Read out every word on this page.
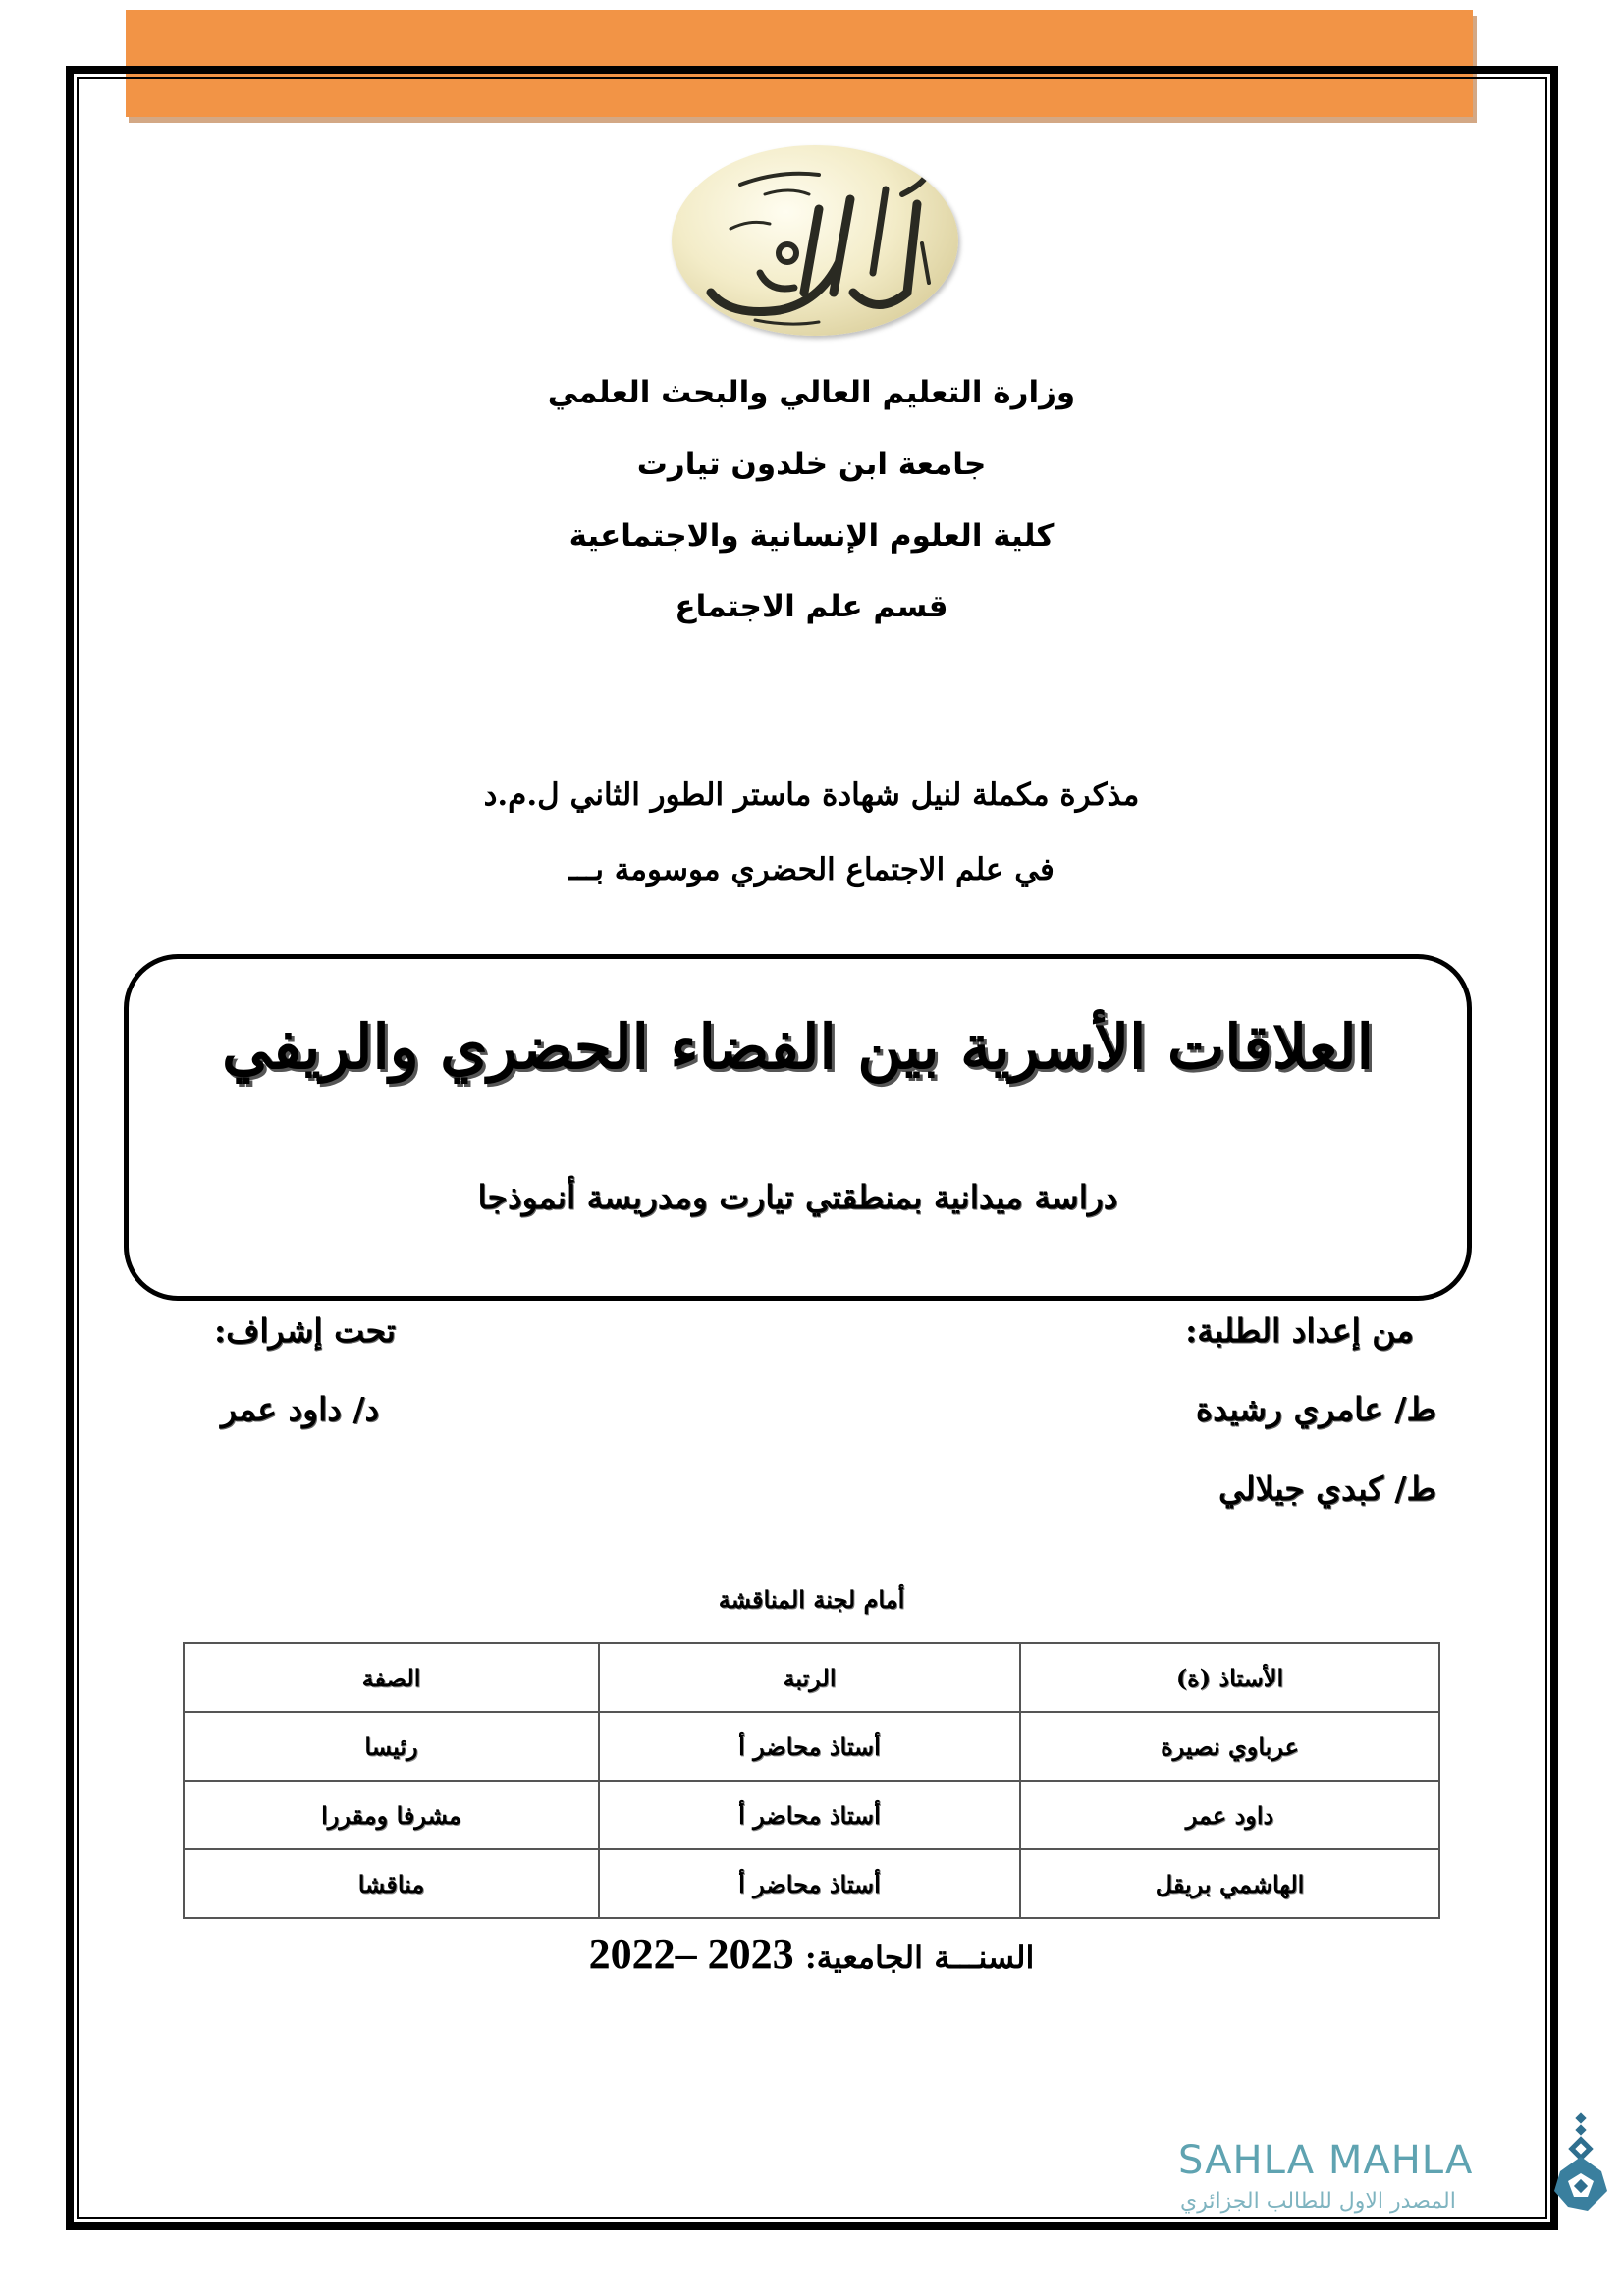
وزارة التعليم العالي والبحث العلمي
جامعة ابن خلدون تيارت
كلية العلوم الإنسانية والاجتماعية
قسم علم الاجتماع
مذكرة مكملة لنيل شهادة ماستر الطور الثاني ل.م.د
في علم الاجتماع الحضري موسومة بـــ
العلاقات الأسرية بين الفضاء الحضري والريفي
دراسة ميدانية بمنطقتي تيارت ومدريسة أنموذجا
من إعداد الطلبة:
ط/ عامري رشيدة
ط/ كبدي جيلالي
تحت إشراف:
د/ داود عمر
أمام لجنة المناقشة
الأستاذ (ة)	الرتبة	الصفة
عرباوي نصيرة	أستاذ محاضر أ	رئيسا
داود عمر	أستاذ محاضر أ	مشرفا ومقررا
الهاشمي بريقل	أستاذ محاضر أ	مناقشا
السنـــة الجامعية: 2022– 2023
SAHLA MAHLA
المصدر الاول للطالب الجزائري
